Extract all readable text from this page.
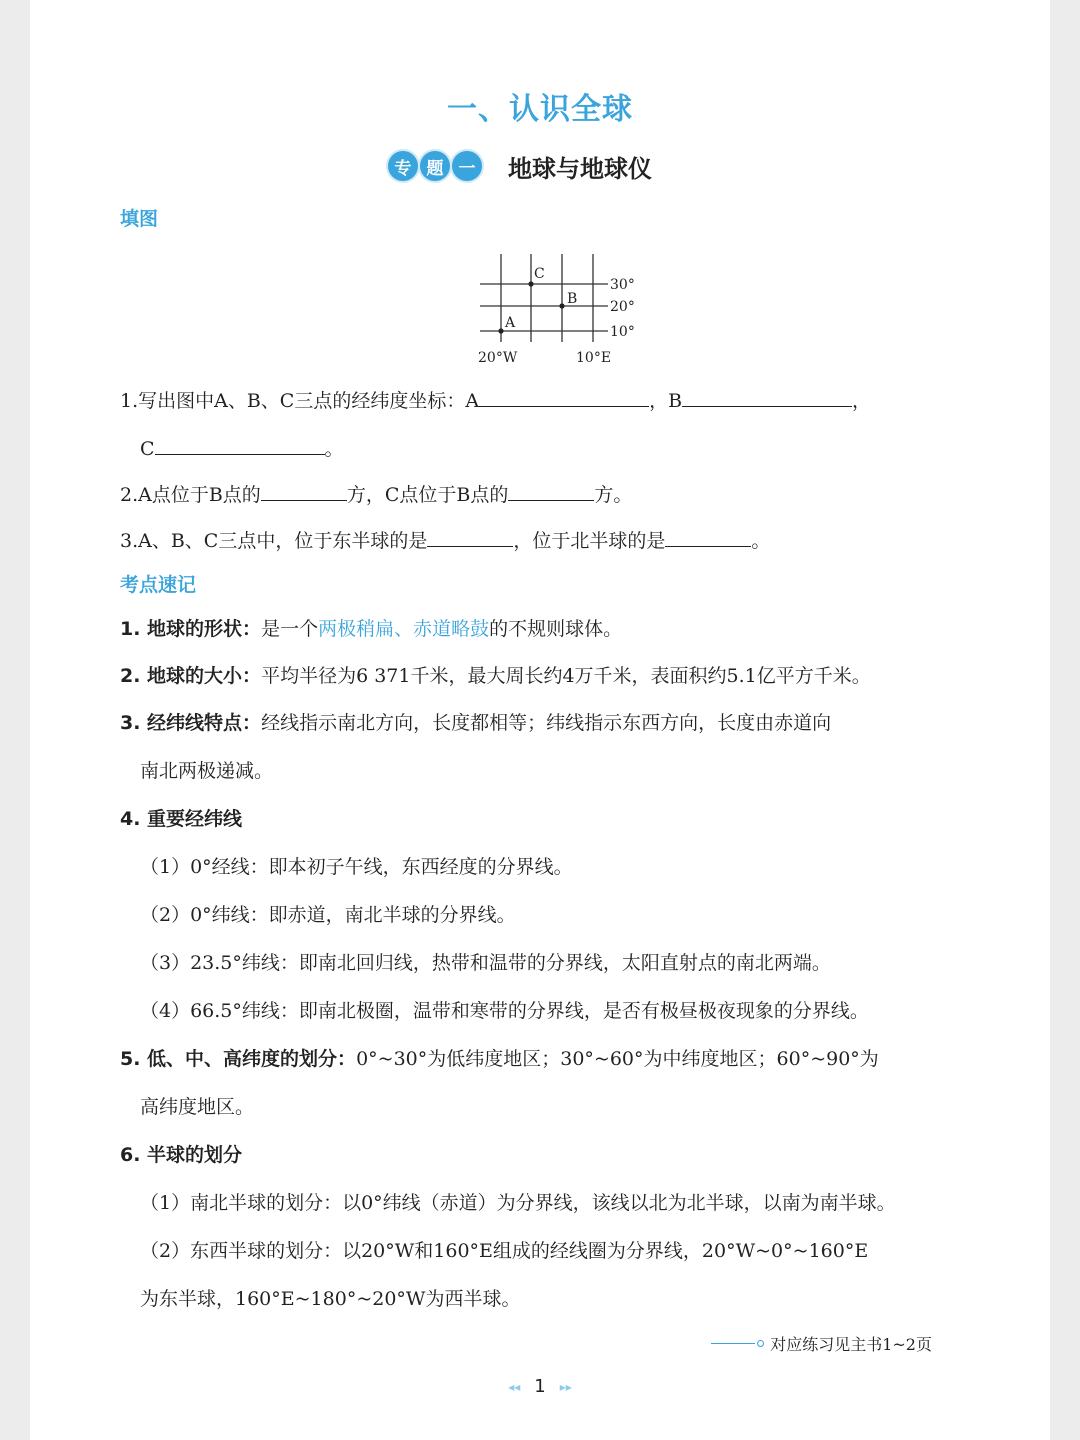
一、认识全球
专 题 一	地球与地球仪
填图
C
B
A
30°
20°
10°
20°W	10°E
1.写出图中A、B、C三点的经纬度坐标：A	，B	，
C	。
2.A点位于B点的	方，C点位于B点的	方。
3.A、B、C三点中，位于东半球的是	，位于北半球的是	。
考点速记
1. 地球的形状：是一个两极稍扁、赤道略鼓的不规则球体。
2. 地球的大小：平均半径为6 371千米，最大周长约4万千米，表面积约5.1亿平方千米。
3. 经纬线特点：经线指示南北方向，长度都相等；纬线指示东西方向，长度由赤道向
南北两极递减。
4. 重要经纬线
（1）0°经线：即本初子午线，东西经度的分界线。
（2）0°纬线：即赤道，南北半球的分界线。
（3）23.5°纬线：即南北回归线，热带和温带的分界线，太阳直射点的南北两端。
（4）66.5°纬线：即南北极圈，温带和寒带的分界线，是否有极昼极夜现象的分界线。
5. 低、中、高纬度的划分：0°~30°为低纬度地区；30°~60°为中纬度地区；60°~90°为
高纬度地区。
6. 半球的划分
（1）南北半球的划分：以0°纬线（赤道）为分界线，该线以北为北半球，以南为南半球。
（2）东西半球的划分：以20°W和160°E组成的经线圈为分界线，20°W~0°~160°E
为东半球，160°E~180°~20°W为西半球。
对应练习见主书1~2页
◂◂ 1 ▸▸
